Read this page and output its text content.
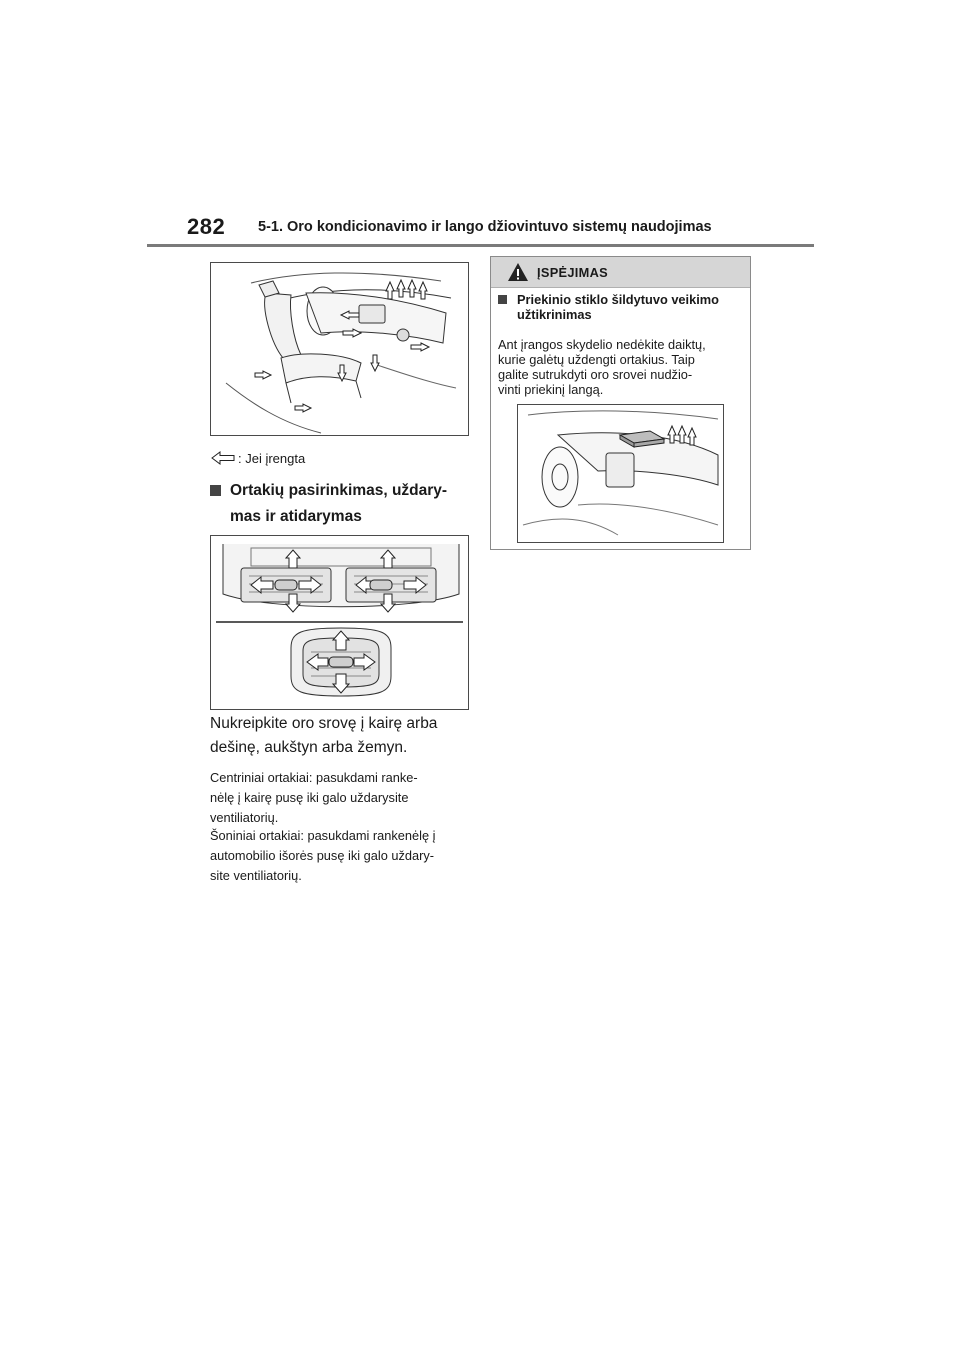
282 5-1. Oro kondicionavimo ir lango džiovintuvo sistemų naudojimas
: Jei įrengta
Ortakių pasirinkimas, uždary-
mas ir atidarymas
Nukreipkite oro srovę į kairę arba
dešinę, aukštyn arba žemyn.
Centriniai ortakiai: pasukdami ranke-
nėlę į kairę pusę iki galo uždarysite
ventiliatorių.
Šoniniai ortakiai: pasukdami rankenėlę į
automobilio išorės pusę iki galo uždary-
site ventiliatorių.
ĮSPĖJIMAS
Priekinio stiklo šildytuvo veikimo
užtikrinimas
Ant įrangos skydelio nedėkite daiktų,
kurie galėtų uždengti ortakius. Taip
galite sutrukdyti oro srovei nudžio-
vinti priekinį langą.
